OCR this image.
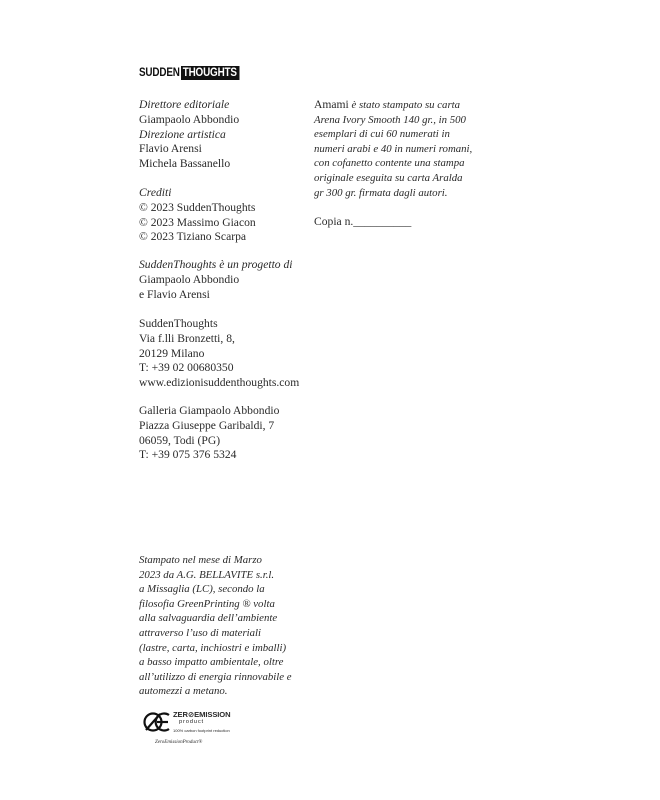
SUDDEN THOUGHTS
Direttore editoriale
Giampaolo Abbondio
Direzione artistica
Flavio Arensi
Michela Bassanello
Crediti
© 2023 SuddenThoughts
© 2023 Massimo Giacon
© 2023 Tiziano Scarpa
SuddenThoughts è un progetto di
Giampaolo Abbondio
e Flavio Arensi
SuddenThoughts
Via f.lli Bronzetti, 8,
20129 Milano
T: +39 02 00680350
www.edizionisuddenthoughts.com
Galleria Giampaolo Abbondio
Piazza Giuseppe Garibaldi, 7
06059, Todi (PG)
T: +39 075 376 5324
Stampato nel mese di Marzo
2023 da A.G. BELLAVITE s.r.l.
a Missaglia (LC), secondo la
filosofia GreenPrinting ® volta
alla salvaguardia dell’ambiente
attraverso l’uso di materiali
(lastre, carta, inchiostri e imballi)
a basso impatto ambientale, oltre
all’utilizzo di energia rinnovabile e
automezzi a metano.
Amami è stato stampato su carta
Arena Ivory Smooth 140 gr., in 500
esemplari di cui 60 numerati in
numeri arabi e 40 in numeri romani,
con cofanetto contente una stampa
originale eseguita su carta Aralda
gr 300 gr. firmata dagli autori.
Copia n.__________
ZER⊘EMISSION
product
100% carbon footprint reduction
ZeroEmissionProduct®
